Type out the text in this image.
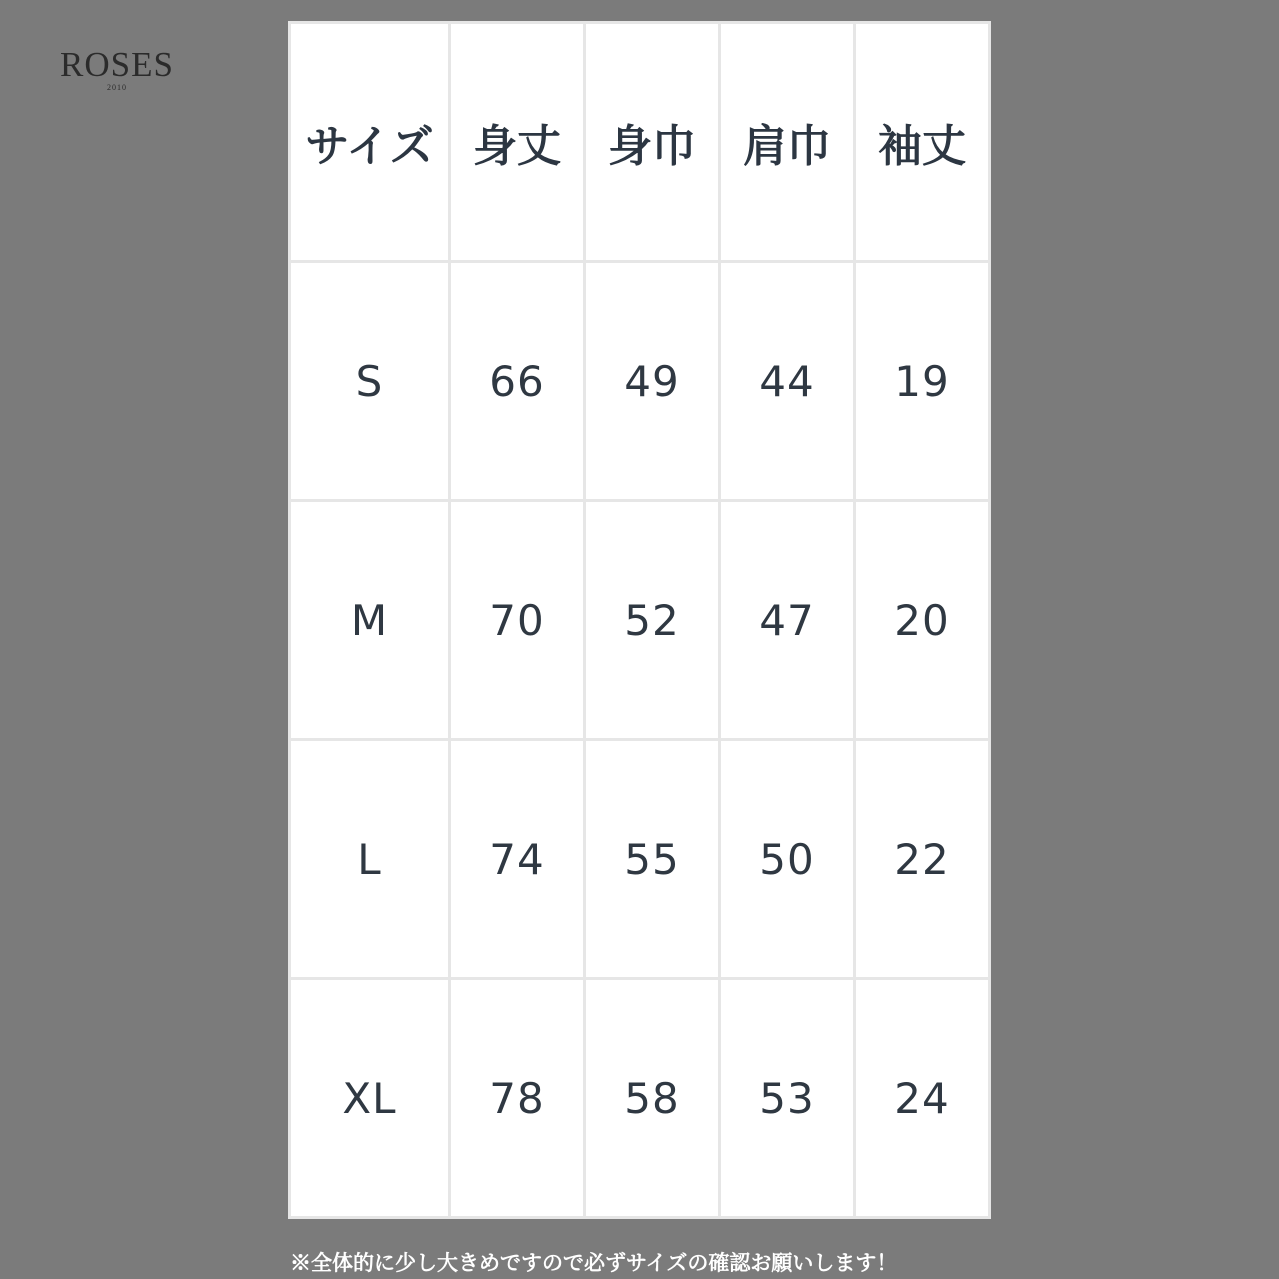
ROSES
2010
サイズ	身丈	身巾	肩巾	袖丈
S	66	49	44	19
M	70	52	47	20
L	74	55	50	22
XL	78	58	53	24
※全体的に少し大きめですので必ずサイズの確認お願いします！
